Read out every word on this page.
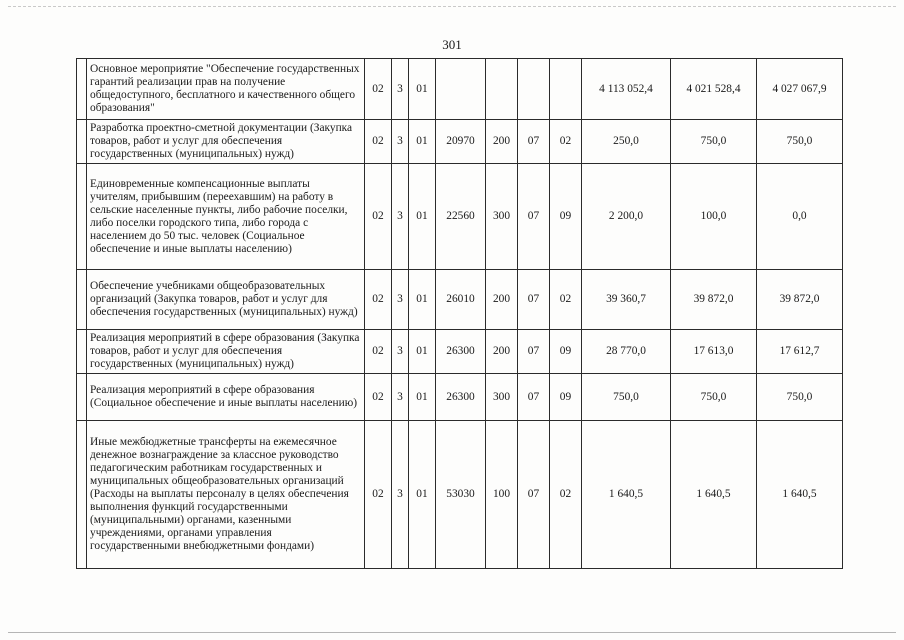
301
	Основное мероприятие "Обеспечение государственных гарантий реализации прав на получение общедоступного, бесплатного и качественного общего образования"	02	3	01					4 113 052,4	4 021 528,4	4 027 067,9
	Разработка проектно-сметной документации (Закупка товаров, работ и услуг для обеспечения государственных (муниципальных) нужд)	02	3	01	20970	200	07	02	250,0	750,0	750,0
	Единовременные компенсационные выплаты учителям, прибывшим (переехавшим) на работу в сельские населенные пункты, либо рабочие поселки, либо поселки городского типа, либо города с населением до 50 тыс. человек (Социальное обеспечение и иные выплаты населению)	02	3	01	22560	300	07	09	2 200,0	100,0	0,0
	Обеспечение учебниками общеобразовательных организаций (Закупка товаров, работ и услуг для обеспечения государственных (муниципальных) нужд)	02	3	01	26010	200	07	02	39 360,7	39 872,0	39 872,0
	Реализация мероприятий в сфере образования (Закупка товаров, работ и услуг для обеспечения государственных (муниципальных) нужд)	02	3	01	26300	200	07	09	28 770,0	17 613,0	17 612,7
	Реализация мероприятий в сфере образования (Социальное обеспечение и иные выплаты населению)	02	3	01	26300	300	07	09	750,0	750,0	750,0
	Иные межбюджетные трансферты на ежемесячное денежное вознаграждение за классное руководство педагогическим работникам государственных и муниципальных общеобразовательных организаций (Расходы на выплаты персоналу в целях обеспечения выполнения функций государственными (муниципальными) органами, казенными учреждениями, органами управления государственными внебюджетными фондами)	02	3	01	53030	100	07	02	1 640,5	1 640,5	1 640,5
